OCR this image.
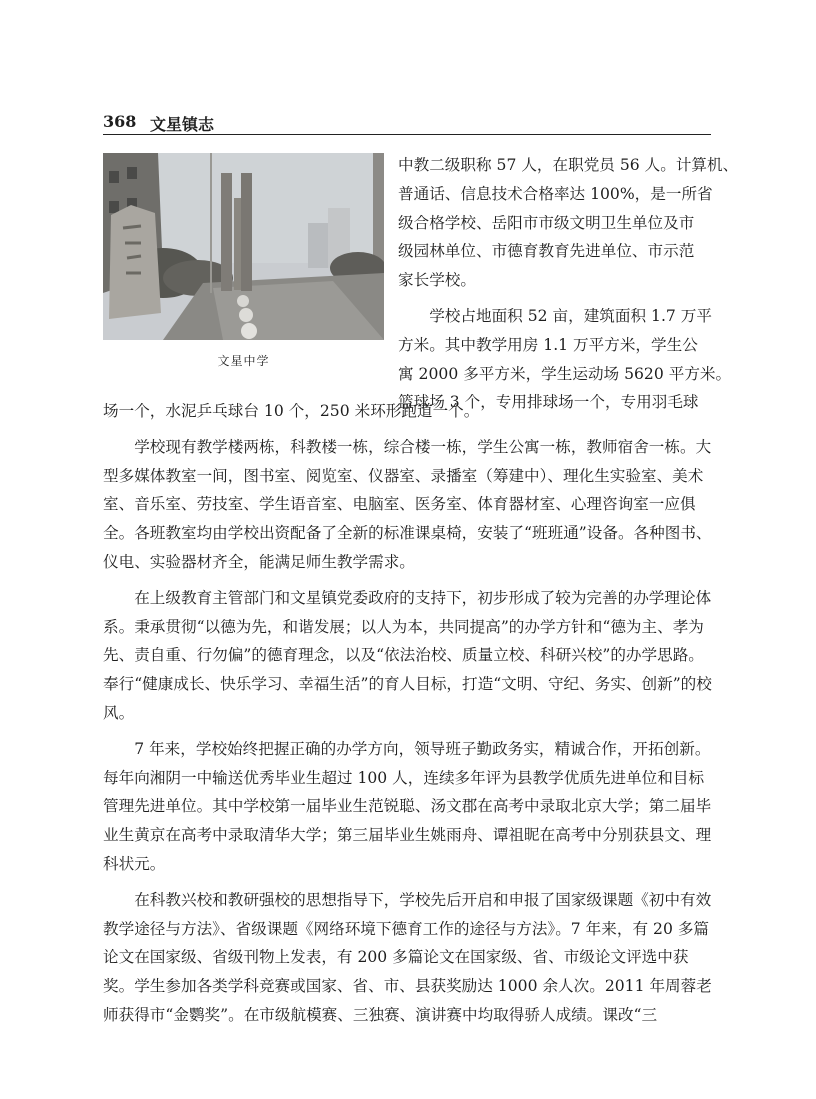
368 文星镇志
文星中学
中教二级职称 57 人，在职党员 56 人。计算机、
普通话、信息技术合格率达 100%，是一所省
级合格学校、岳阳市市级文明卫生单位及市
级园林单位、市德育教育先进单位、市示范
家长学校。
学校占地面积 52 亩，建筑面积 1.7 万平
方米。其中教学用房 1.1 万平方米，学生公
寓 2000 多平方米，学生运动场 5620 平方米。
篮球场 3 个，专用排球场一个，专用羽毛球

场一个，水泥乒乓球台 10 个，250 米环形跑道一个。

学校现有教学楼两栋，科教楼一栋，综合楼一栋，学生公寓一栋，教师宿舍一栋。大型多媒体教室一间，图书室、阅览室、仪器室、录播室（筹建中）、理化生实验室、美术室、音乐室、劳技室、学生语音室、电脑室、医务室、体育器材室、心理咨询室一应俱全。各班教室均由学校出资配备了全新的标准课桌椅，安装了“班班通”设备。各种图书、仪电、实验器材齐全，能满足师生教学需求。

在上级教育主管部门和文星镇党委政府的支持下，初步形成了较为完善的办学理论体系。秉承贯彻“以德为先，和谐发展；以人为本，共同提高”的办学方针和“德为主、孝为先、责自重、行勿偏”的德育理念，以及“依法治校、质量立校、科研兴校”的办学思路。奉行“健康成长、快乐学习、幸福生活”的育人目标，打造“文明、守纪、务实、创新”的校风。

7 年来，学校始终把握正确的办学方向，领导班子勤政务实，精诚合作，开拓创新。每年向湘阴一中输送优秀毕业生超过 100 人，连续多年评为县教学优质先进单位和目标管理先进单位。其中学校第一届毕业生范锐聪、汤文郡在高考中录取北京大学；第二届毕业生黄京在高考中录取清华大学；第三届毕业生姚雨舟、谭祖昵在高考中分别获县文、理科状元。

在科教兴校和教研强校的思想指导下，学校先后开启和申报了国家级课题《初中有效教学途径与方法》、省级课题《网络环境下德育工作的途径与方法》。7 年来，有 20 多篇论文在国家级、省级刊物上发表，有 200 多篇论文在国家级、省、市级论文评选中获奖。学生参加各类学科竞赛或国家、省、市、县获奖励达 1000 余人次。2011 年周蓉老师获得市“金鹦奖”。在市级航模赛、三独赛、演讲赛中均取得骄人成绩。课改“三
